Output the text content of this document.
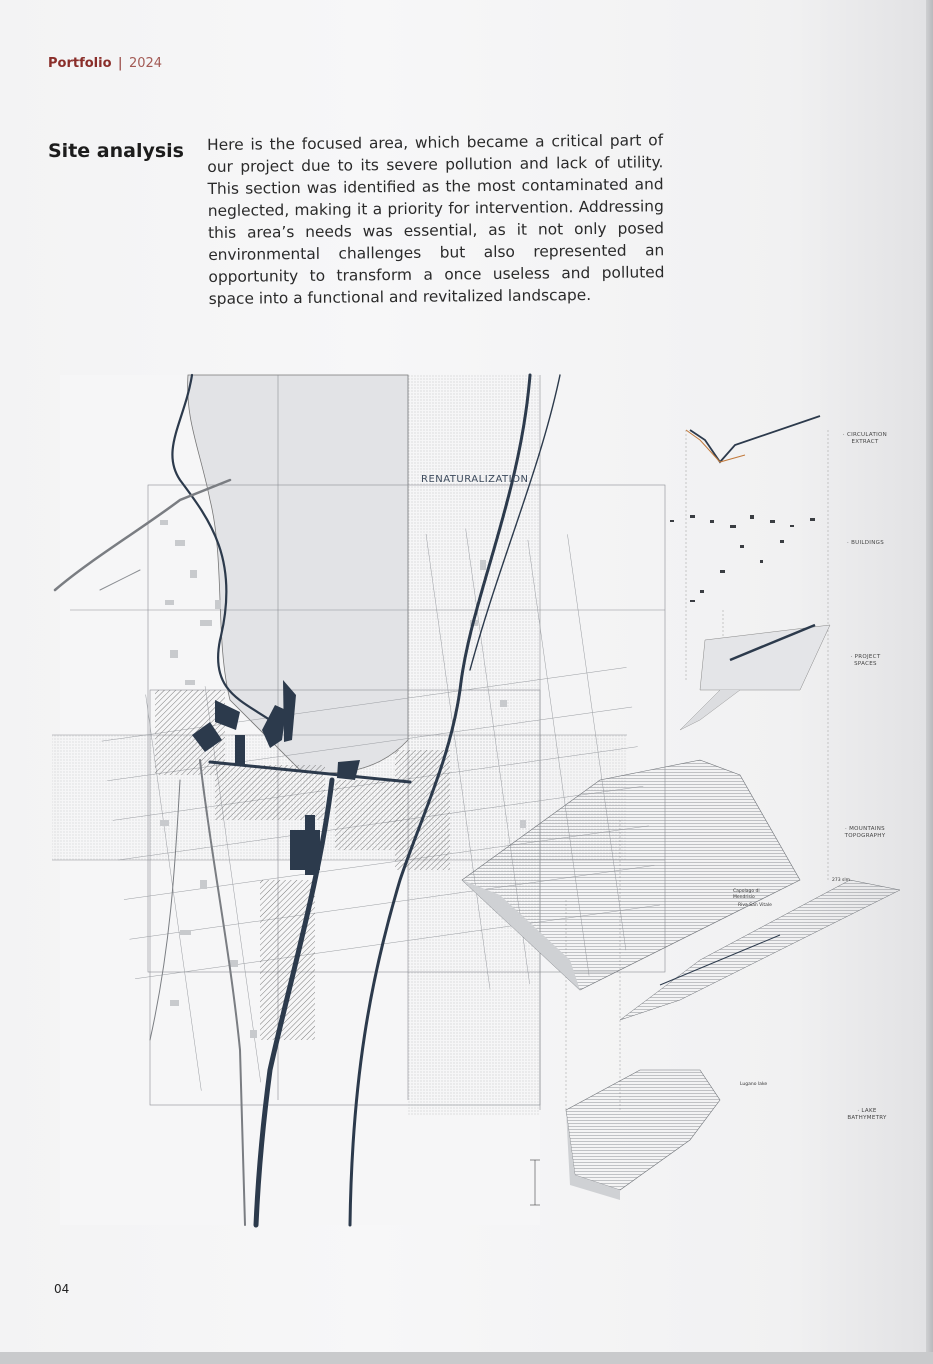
Portfolio | 2024
Site analysis Here is the focused area, which became a critical part of our project due to its severe pollution and lack of utility. This section was identified as the most contaminated and neglected, making it a priority for intervention. Addressing this area’s needs was essential, as it not only posed environmental challenges but also represented an opportunity to transform a once useless and polluted space into a functional and revitalized landscape.
RENATURALIZATION
· CIRCULATION
EXTRACT
· BUILDINGS
· PROJECT
SPACES
· MOUNTAINS
TOPOGRAPHY
· LAKE
BATHYMETRY
Capolago di
Mendrisio
Riva San Vitale
273 slm
Lugano lake
04
